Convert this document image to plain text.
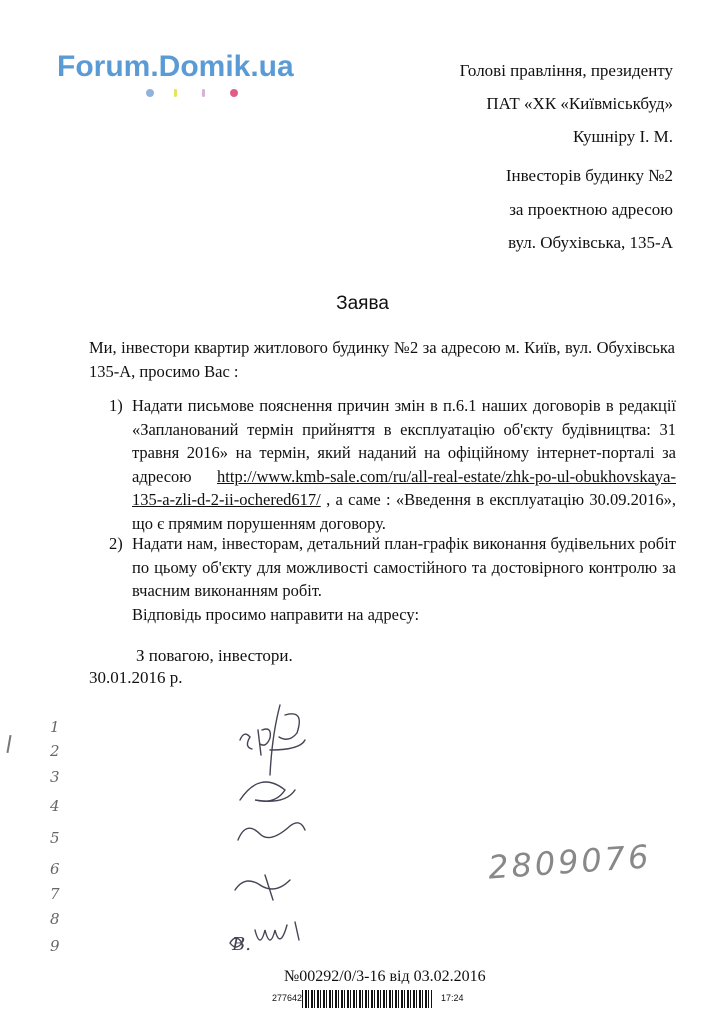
Forum.Domik.ua	Голові правління, президенту
ПАТ «ХК «Київміськбуд»
Кушніру І. М.
Інвесторів будинку №2
за проектною адресою
вул. Обухівська, 135-А
Заява
Ми, інвестори квартир житлового будинку №2 за адресою м. Київ, вул. Обухівська 135-А, просимо Вас :
1) Надати письмове пояснення причин змін в п.6.1 наших договорів в редакції «Запланований термін прийняття в експлуатацію об'єкту будівництва: 31 травня 2016» на термін, який наданий на офіційному інтернет-порталі за адресою http://www.kmb-sale.com/ru/all-real-estate/zhk-po-ul-obukhovskaya-135-a-zli-d-2-ii-ochered617/ , а саме : «Введення в експлуатацію 30.09.2016», що є прямим порушенням договору.
2) Надати нам, інвесторам, детальний план-графік виконання будівельних робіт по цьому об'єкту для можливості самостійного та достовірного контролю за вчасним виконанням робіт.
Відповідь просимо направити на адресу:
З повагою, інвестори.
30.01.2016 р.
1
2
3
4
5
6
7
8
9	В.
2809076
№00292/0/3-16 від 03.02.2016
277642	17:24
